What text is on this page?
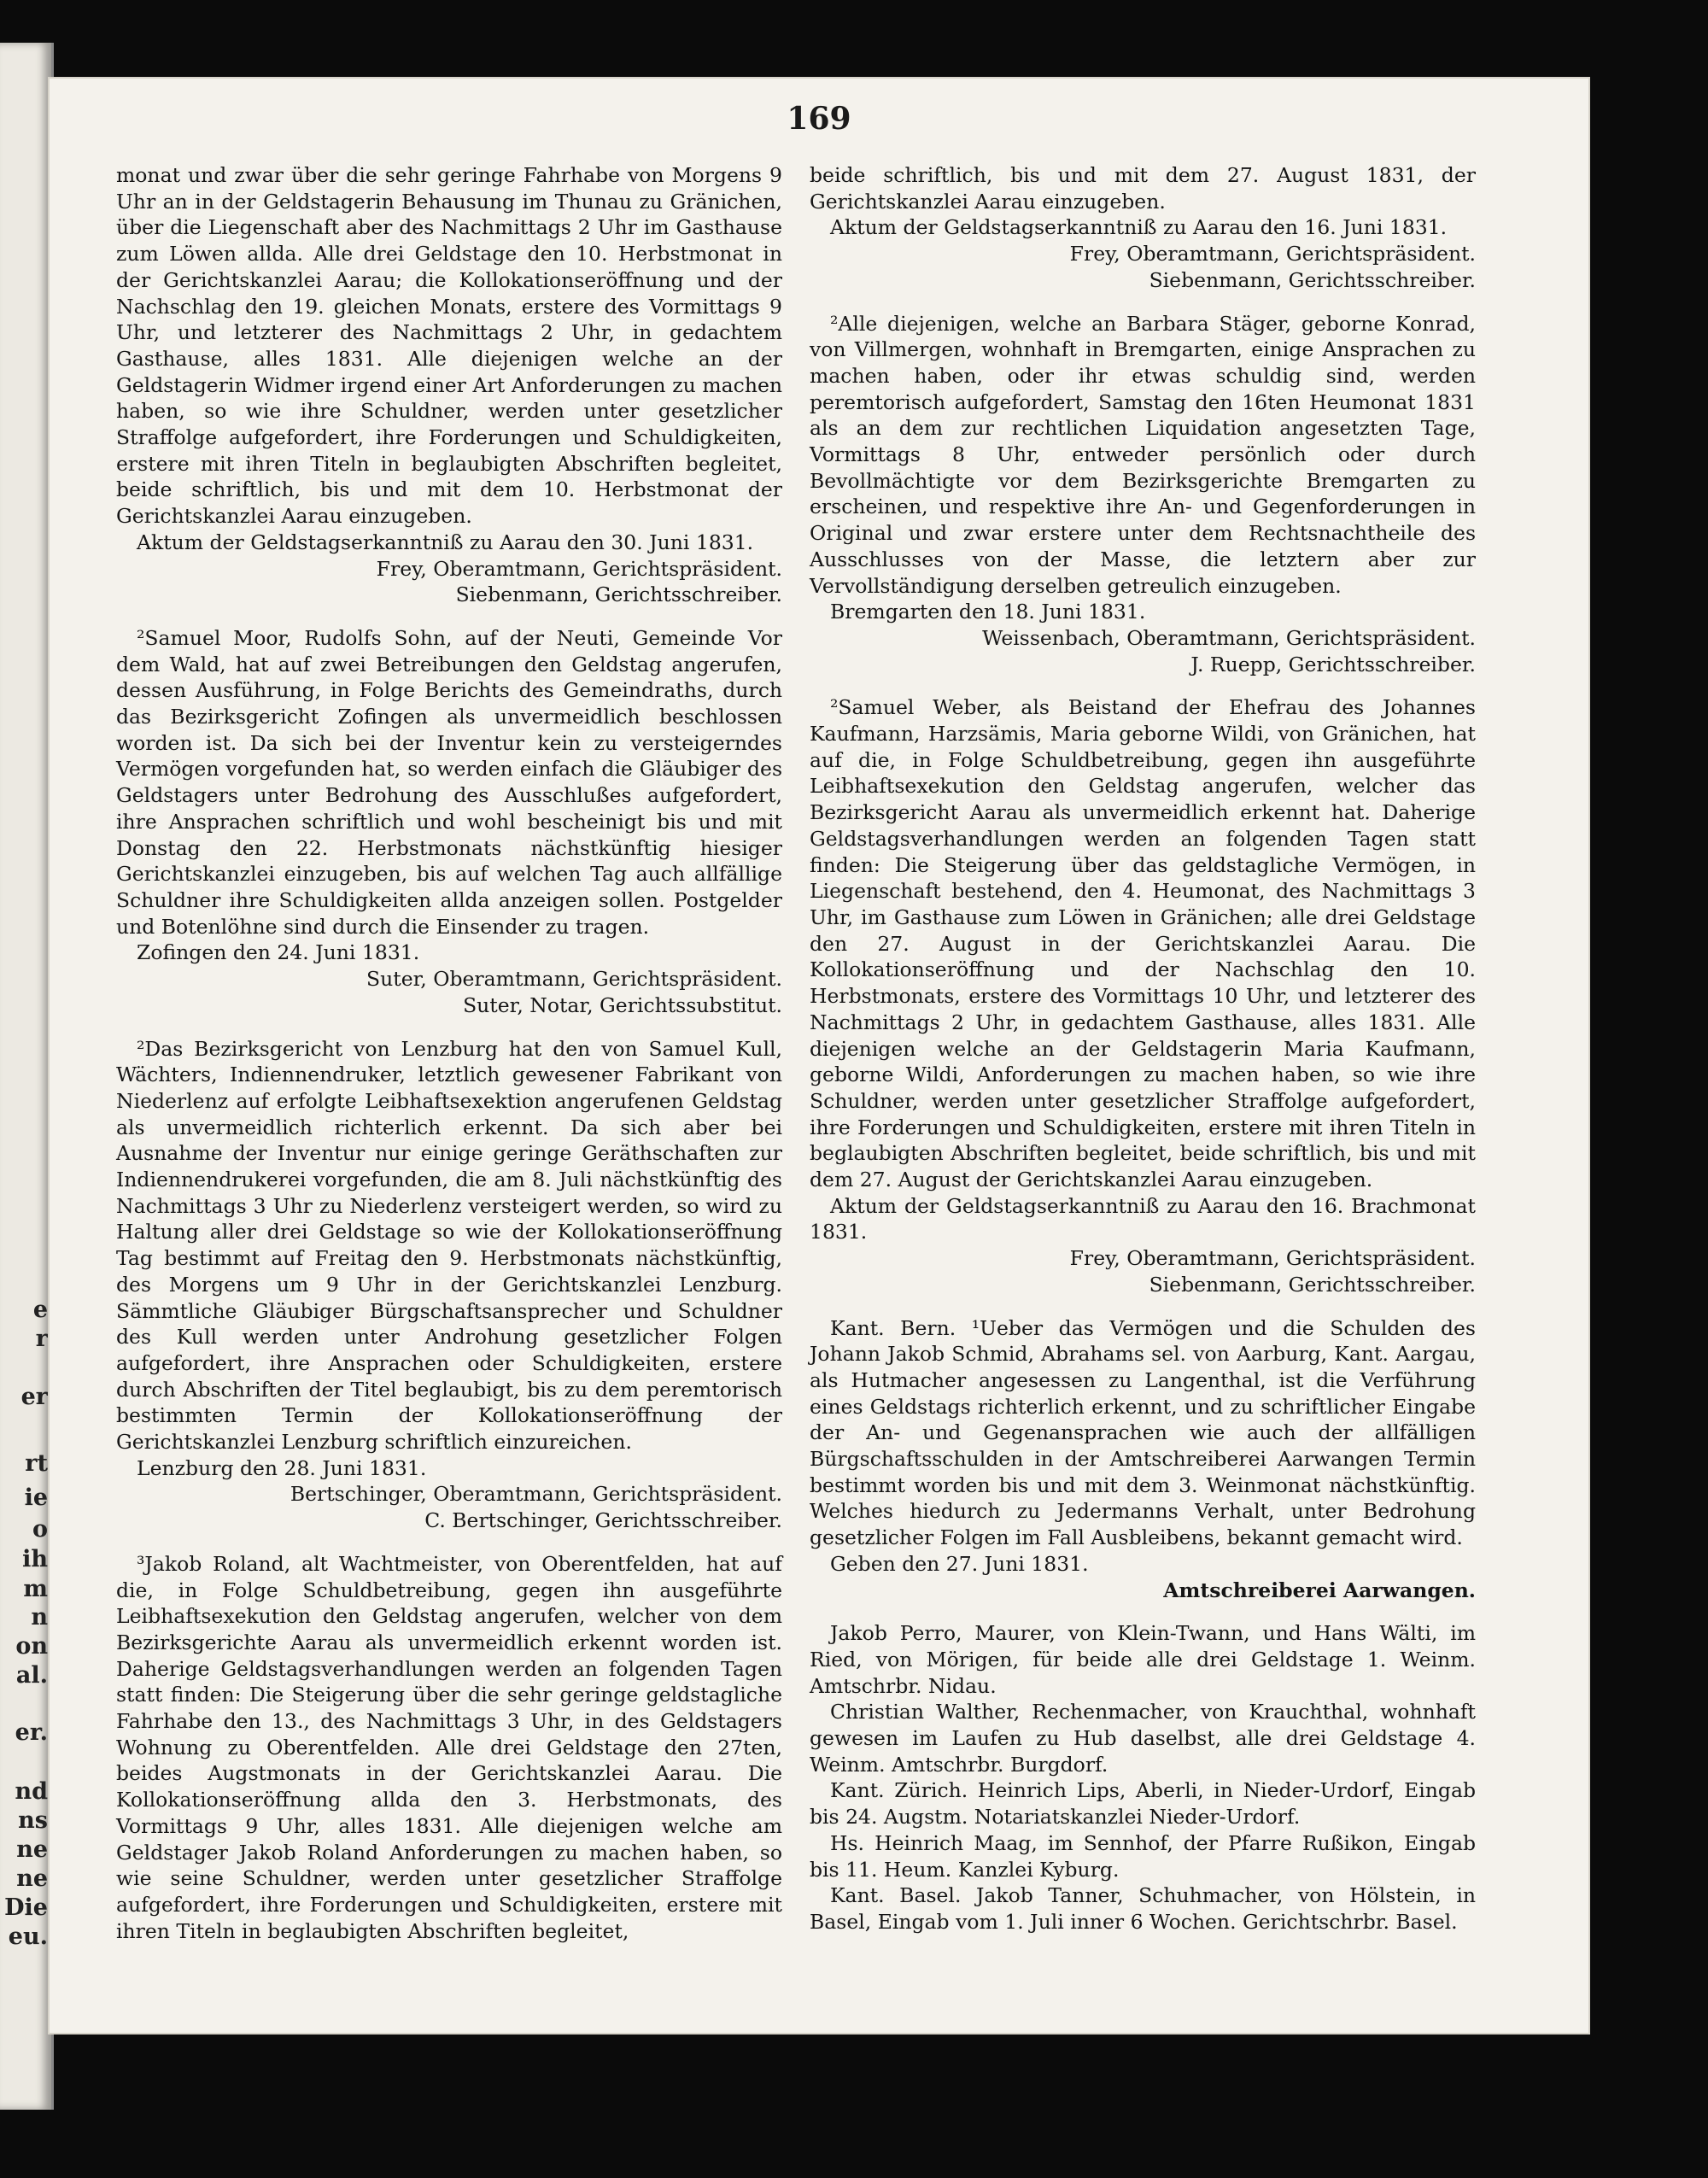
e
r
er
rt
ie
o
ih
m
n
on
al.
er.
nd
ns
ne
ne
Die
eu.
169

monat und zwar über die sehr geringe Fahrhabe von Morgens 9 Uhr an in der Geldstagerin Behausung im Thunau zu Gränichen, über die Liegenschaft aber des Nachmittags 2 Uhr im Gasthause zum Löwen allda. Alle drei Geldstage den 10. Herbstmonat in der Gerichtskanzlei Aarau; die Kollokationseröffnung und der Nachschlag den 19. gleichen Monats, erstere des Vormittags 9 Uhr, und letzterer des Nachmittags 2 Uhr, in gedachtem Gasthause, alles 1831. Alle diejenigen welche an der Geldstagerin Widmer irgend einer Art Anforderungen zu machen haben, so wie ihre Schuldner, werden unter gesetzlicher Straffolge aufgefordert, ihre Forderungen und Schuldigkeiten, erstere mit ihren Titeln in beglaubigten Abschriften begleitet, beide schriftlich, bis und mit dem 10. Herbstmonat der Gerichtskanzlei Aarau einzugeben.

Aktum der Geldstagserkanntniß zu Aarau den 30. Juni 1831.

Frey, Oberamtmann, Gerichtspräsident.

Siebenmann, Gerichtsschreiber.

²Samuel Moor, Rudolfs Sohn, auf der Neuti, Gemeinde Vor dem Wald, hat auf zwei Betreibungen den Geldstag angerufen, dessen Ausführung, in Folge Berichts des Gemeindraths, durch das Bezirksgericht Zofingen als unvermeidlich beschlossen worden ist. Da sich bei der Inventur kein zu versteigerndes Vermögen vorgefunden hat, so werden einfach die Gläubiger des Geldstagers unter Bedrohung des Ausschlußes aufgefordert, ihre Ansprachen schriftlich und wohl bescheinigt bis und mit Donstag den 22. Herbstmonats nächstkünftig hiesiger Gerichtskanzlei einzugeben, bis auf welchen Tag auch allfällige Schuldner ihre Schuldigkeiten allda anzeigen sollen. Postgelder und Botenlöhne sind durch die Einsender zu tragen.

Zofingen den 24. Juni 1831.

Suter, Oberamtmann, Gerichtspräsident.

Suter, Notar, Gerichtssubstitut.

²Das Bezirksgericht von Lenzburg hat den von Samuel Kull, Wächters, Indiennendruker, letztlich gewesener Fabrikant von Niederlenz auf erfolgte Leibhaftsexektion angerufenen Geldstag als unvermeidlich richterlich erkennt. Da sich aber bei Ausnahme der Inventur nur einige geringe Geräthschaften zur Indiennendrukerei vorgefunden, die am 8. Juli nächstkünftig des Nachmittags 3 Uhr zu Niederlenz versteigert werden, so wird zu Haltung aller drei Geldstage so wie der Kollokationseröffnung Tag bestimmt auf Freitag den 9. Herbstmonats nächstkünftig, des Morgens um 9 Uhr in der Gerichtskanzlei Lenzburg. Sämmtliche Gläubiger Bürgschaftsansprecher und Schuldner des Kull werden unter Androhung gesetzlicher Folgen aufgefordert, ihre Ansprachen oder Schuldigkeiten, erstere durch Abschriften der Titel beglaubigt, bis zu dem peremtorisch bestimmten Termin der Kollokationseröffnung der Gerichtskanzlei Lenzburg schriftlich einzureichen.

Lenzburg den 28. Juni 1831.

Bertschinger, Oberamtmann, Gerichtspräsident.

C. Bertschinger, Gerichtsschreiber.

³Jakob Roland, alt Wachtmeister, von Oberentfelden, hat auf die, in Folge Schuldbetreibung, gegen ihn ausgeführte Leibhaftsexekution den Geldstag angerufen, welcher von dem Bezirksgerichte Aarau als unvermeidlich erkennt worden ist. Daherige Geldstagsverhandlungen werden an folgenden Tagen statt finden: Die Steigerung über die sehr geringe geldstagliche Fahrhabe den 13., des Nachmittags 3 Uhr, in des Geldstagers Wohnung zu Oberentfelden. Alle drei Geldstage den 27ten, beides Augstmonats in der Gerichtskanzlei Aarau. Die Kollokationseröffnung allda den 3. Herbstmonats, des Vormittags 9 Uhr, alles 1831. Alle diejenigen welche am Geldstager Jakob Roland Anforderungen zu machen haben, so wie seine Schuldner, werden unter gesetzlicher Straffolge aufgefordert, ihre Forderungen und Schuldigkeiten, erstere mit ihren Titeln in beglaubigten Abschriften begleitet,

beide schriftlich, bis und mit dem 27. August 1831, der Gerichtskanzlei Aarau einzugeben.

Aktum der Geldstagserkanntniß zu Aarau den 16. Juni 1831.

Frey, Oberamtmann, Gerichtspräsident.

Siebenmann, Gerichtsschreiber.

²Alle diejenigen, welche an Barbara Stäger, geborne Konrad, von Villmergen, wohnhaft in Bremgarten, einige Ansprachen zu machen haben, oder ihr etwas schuldig sind, werden peremtorisch aufgefordert, Samstag den 16ten Heumonat 1831 als an dem zur rechtlichen Liquidation angesetzten Tage, Vormittags 8 Uhr, entweder persönlich oder durch Bevollmächtigte vor dem Bezirksgerichte Bremgarten zu erscheinen, und respektive ihre An- und Gegenforderungen in Original und zwar erstere unter dem Rechtsnachtheile des Ausschlusses von der Masse, die letztern aber zur Vervollständigung derselben getreulich einzugeben.

Bremgarten den 18. Juni 1831.

Weissenbach, Oberamtmann, Gerichtspräsident.

J. Ruepp, Gerichtsschreiber.

²Samuel Weber, als Beistand der Ehefrau des Johannes Kaufmann, Harzsämis, Maria geborne Wildi, von Gränichen, hat auf die, in Folge Schuldbetreibung, gegen ihn ausgeführte Leibhaftsexekution den Geldstag angerufen, welcher das Bezirksgericht Aarau als unvermeidlich erkennt hat. Daherige Geldstagsverhandlungen werden an folgenden Tagen statt finden: Die Steigerung über das geldstagliche Vermögen, in Liegenschaft bestehend, den 4. Heumonat, des Nachmittags 3 Uhr, im Gasthause zum Löwen in Gränichen; alle drei Geldstage den 27. August in der Gerichtskanzlei Aarau. Die Kollokationseröffnung und der Nachschlag den 10. Herbstmonats, erstere des Vormittags 10 Uhr, und letzterer des Nachmittags 2 Uhr, in gedachtem Gasthause, alles 1831. Alle diejenigen welche an der Geldstagerin Maria Kaufmann, geborne Wildi, Anforderungen zu machen haben, so wie ihre Schuldner, werden unter gesetzlicher Straffolge aufgefordert, ihre Forderungen und Schuldigkeiten, erstere mit ihren Titeln in beglaubigten Abschriften begleitet, beide schriftlich, bis und mit dem 27. August der Gerichtskanzlei Aarau einzugeben.

Aktum der Geldstagserkanntniß zu Aarau den 16. Brachmonat 1831.

Frey, Oberamtmann, Gerichtspräsident.

Siebenmann, Gerichtsschreiber.

Kant. Bern. ¹Ueber das Vermögen und die Schulden des Johann Jakob Schmid, Abrahams sel. von Aarburg, Kant. Aargau, als Hutmacher angesessen zu Langenthal, ist die Verführung eines Geldstags richterlich erkennt, und zu schriftlicher Eingabe der An- und Gegenansprachen wie auch der allfälligen Bürgschaftsschulden in der Amtschreiberei Aarwangen Termin bestimmt worden bis und mit dem 3. Weinmonat nächstkünftig. Welches hiedurch zu Jedermanns Verhalt, unter Bedrohung gesetzlicher Folgen im Fall Ausbleibens, bekannt gemacht wird.

Geben den 27. Juni 1831.

Amtschreiberei Aarwangen.

Jakob Perro, Maurer, von Klein-Twann, und Hans Wälti, im Ried, von Mörigen, für beide alle drei Geldstage 1. Weinm. Amtschrbr. Nidau.

Christian Walther, Rechenmacher, von Krauchthal, wohnhaft gewesen im Laufen zu Hub daselbst, alle drei Geldstage 4. Weinm. Amtschrbr. Burgdorf.

Kant. Zürich. Heinrich Lips, Aberli, in Nieder-Urdorf, Eingab bis 24. Augstm. Notariatskanzlei Nieder-Urdorf.

Hs. Heinrich Maag, im Sennhof, der Pfarre Rußikon, Eingab bis 11. Heum. Kanzlei Kyburg.

Kant. Basel. Jakob Tanner, Schuhmacher, von Hölstein, in Basel, Eingab vom 1. Juli inner 6 Wochen. Gerichtschrbr. Basel.
